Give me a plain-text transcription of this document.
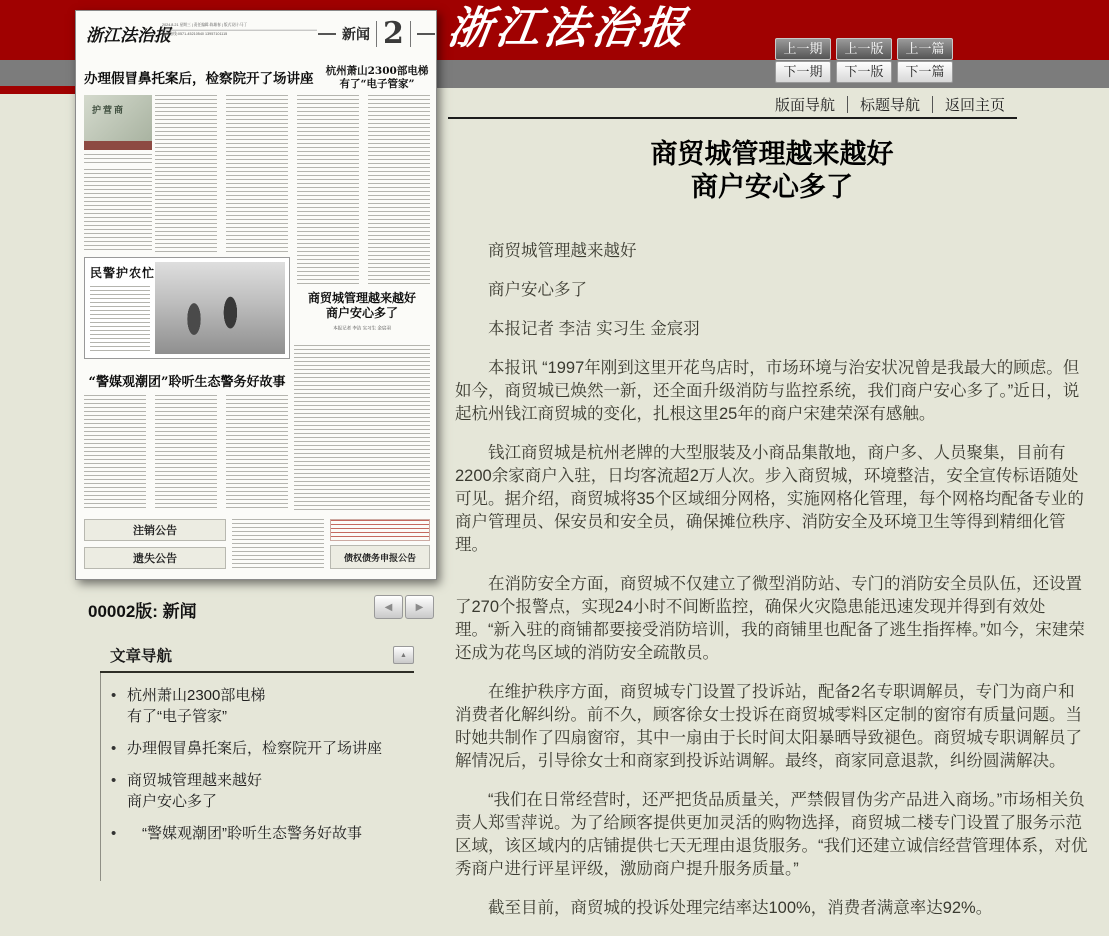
浙江法治报	上一期	上一版	上一篇
下一期	下一版	下一篇
版面导航	标题导航	返回主页
浙江法治报
2024.8.21 星期三 | 责任编辑:陈雄春 | 版式设计:马丁
新闻热线:0571-45210540 13957101115	新闻 2
办理假冒鼻托案后，检察院开了场讲座	杭州萧山2300部电梯
有了“电子管家”
护营商
民警护农忙
“警媒观潮团”聆听生态警务好故事
商贸城管理越来越好
商户安心多了
本报记者 李洁 实习生 金宸羽
注销公告
遗失公告	债权债务申报公告
00002版: 新闻	◀ ▶
文章导航	▲
• 杭州萧山2300部电梯
有了“电子管家”
• 办理假冒鼻托案后，检察院开了场讲座
• 商贸城管理越来越好
商户安心多了
• 　“警媒观潮团”聆听生态警务好故事
商贸城管理越来越好
商户安心多了

商贸城管理越来越好

商户安心多了

本报记者 李洁 实习生 金宸羽

本报讯 “1997年刚到这里开花鸟店时，市场环境与治安状况曾是我最大的顾虑。但如今，商贸城已焕然一新，还全面升级消防与监控系统，我们商户安心多了。”近日，说起杭州钱江商贸城的变化，扎根这里25年的商户宋建荣深有感触。

钱江商贸城是杭州老牌的大型服装及小商品集散地，商户多、人员聚集，目前有2200余家商户入驻，日均客流超2万人次。步入商贸城，环境整洁，安全宣传标语随处可见。据介绍，商贸城将35个区域细分网格，实施网格化管理，每个网格均配备专业的商户管理员、保安员和安全员，确保摊位秩序、消防安全及环境卫生等得到精细化管理。

在消防安全方面，商贸城不仅建立了微型消防站、专门的消防安全员队伍，还设置了270个报警点，实现24小时不间断监控，确保火灾隐患能迅速发现并得到有效处理。“新入驻的商铺都要接受消防培训，我的商铺里也配备了逃生指挥棒。”如今，宋建荣还成为花鸟区域的消防安全疏散员。

在维护秩序方面，商贸城专门设置了投诉站，配备2名专职调解员，专门为商户和消费者化解纠纷。前不久，顾客徐女士投诉在商贸城零料区定制的窗帘有质量问题。当时她共制作了四扇窗帘，其中一扇由于长时间太阳暴晒导致褪色。商贸城专职调解员了解情况后，引导徐女士和商家到投诉站调解。最终，商家同意退款，纠纷圆满解决。

“我们在日常经营时，还严把货品质量关，严禁假冒伪劣产品进入商场。”市场相关负责人郑雪萍说。为了给顾客提供更加灵活的购物选择，商贸城二楼专门设置了服务示范区域，该区域内的店铺提供七天无理由退货服务。“我们还建立诚信经营管理体系，对优秀商户进行评星评级，激励商户提升服务质量。”

截至目前，商贸城的投诉处理完结率达100%，消费者满意率达92%。
